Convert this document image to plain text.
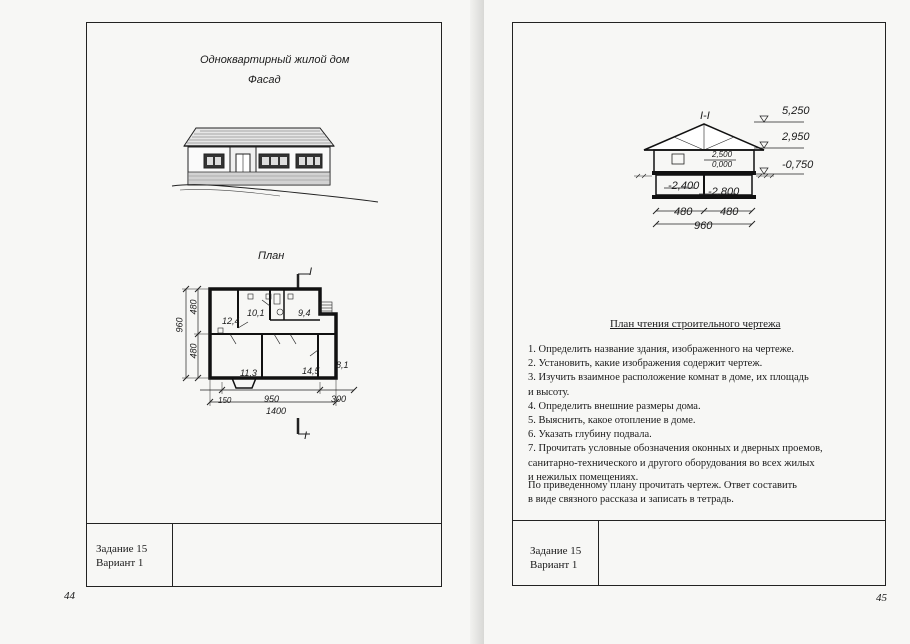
Одноквартирный жилой дом
Фасад
План
I
I
960
480
480
12,4
10,1	9,4
11,3	14,5
8,1
150	950	300
1400
Задание 15
Вариант 1
44
I-I	5,250
2,950
-0,750
2,500
0,000
-2,400 -2,800
480	480
960
План чтения строительного чертежа
1. Определить название здания, изображенного на чертеже.
2. Установить, какие изображения содержит чертеж.
3. Изучить взаимное расположение комнат в доме, их площадь
и высоту.
4. Определить внешние размеры дома.
5. Выяснить, какое отопление в доме.
6. Указать глубину подвала.
7. Прочитать условные обозначения оконных и дверных проемов,
санитарно-технического и другого оборудования во всех жилых
и нежилых помещениях.
По приведенному плану прочитать чертеж. Ответ составить
в виде связного рассказа и записать в тетрадь.
Задание 15
Вариант 1
45
